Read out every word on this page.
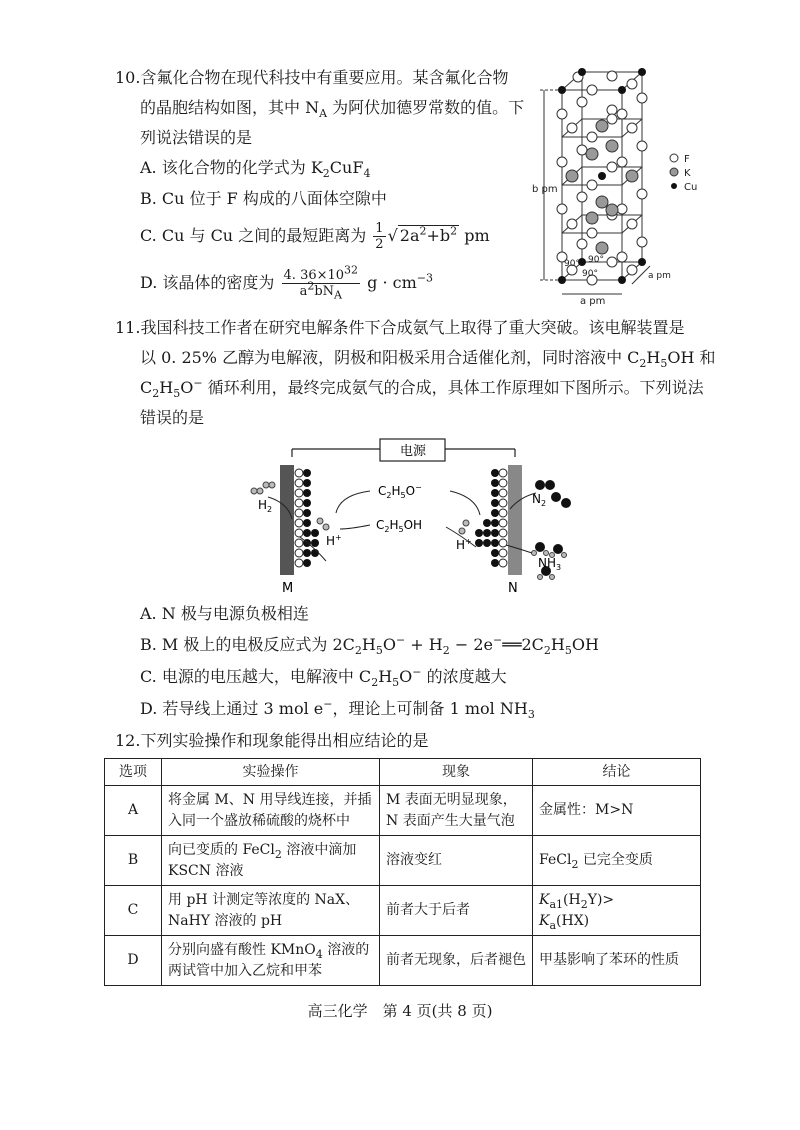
10.含氟化合物在现代科技中有重要应用。某含氟化合物
的晶胞结构如图，其中 $N_A$ 为阿伏加德罗常数的值。下
列说法错误的是
A. 该化合物的化学式为 $K_2CuF_4$
B. Cu 位于 F 构成的八面体空隙中
C. Cu 与 Cu 之间的最短距离为 $\frac{1}{2}$ √ $2a^2+b^2$ pm
D. 该晶体的密度为 $\frac{4. 36\times 10^{32}}{a^2bN_A}$ $g \cdot cm^{-3}$
F
K
Cu
b pm
a pm
a pm
90° 90°
90°
11.我国科技工作者在研究电解条件下合成氨气上取得了重大突破。该电解装置是
以 0. 25% 乙醇为电解液，阴极和阳极采用合适催化剂，同时溶液中 $C_2H_5OH$ 和
$C_2H_5O^-$ 循环利用，最终完成氨气的合成，具体工作原理如下图所示。下列说法
错误的是
电源
$H_2$
H+
H+
$N_2$
$NH_3$
$C_2H_5O^-$
$C_2H_5OH$
M	N
A. N 极与电源负极相连
B. M 极上的电极反应式为 $2C_2H_5O^- + H_2$ − $2e^-══2C_2H_5OH$
C. 电源的电压越大，电解液中 $C_2H_5O^-$ 的浓度越大
D. 若导线上通过 3 mol e−，理论上可制备 1 mol $NH_3$
12.下列实验操作和现象能得出相应结论的是
选项	实验操作	现象	结论
A	将金属 M、N 用导线连接，并插入同一个盛放稀硫酸的烧杯中	M 表面无明显现象，N 表面产生大量气泡	金属性：M>N
B	向已变质的 FeCl$_2$ 溶液中滴加 KSCN 溶液	溶液变红	FeCl$_2$ 已完全变质
C	用 pH 计测定等浓度的 NaX、NaHY 溶液的 pH	前者大于后者	$K_{a1}(H_2Y)>$
$K_a(HX)$
D	分别向盛有酸性 KMnO$_4$ 溶液的两试管中加入乙烷和甲苯	前者无现象，后者褪色	甲基影响了苯环的性质
高三化学　第 4 页(共 8 页)
